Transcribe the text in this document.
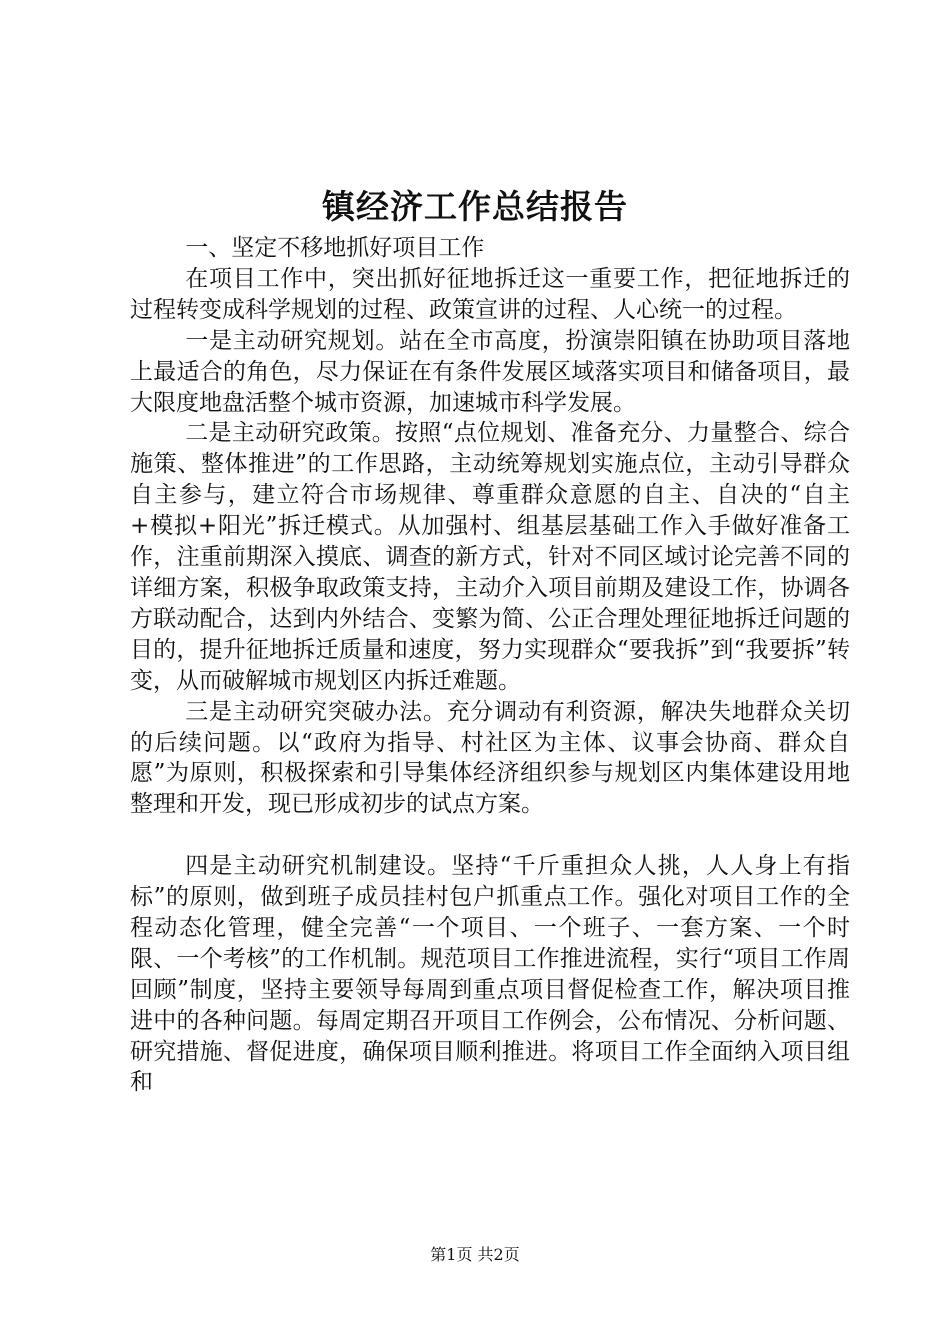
镇经济工作总结报告

一、坚定不移地抓好项目工作

在项目工作中，突出抓好征地拆迁这一重要工作，把征地拆迁的过程转变成科学规划的过程、政策宣讲的过程、人心统一的过程。

一是主动研究规划。站在全市高度，扮演崇阳镇在协助项目落地上最适合的角色，尽力保证在有条件发展区域落实项目和储备项目，最大限度地盘活整个城市资源，加速城市科学发展。

二是主动研究政策。按照“点位规划、准备充分、力量整合、综合施策、整体推进”的工作思路，主动统筹规划实施点位，主动引导群众自主参与，建立符合市场规律、尊重群众意愿的自主、自决的“自主+模拟+阳光”拆迁模式。从加强村、组基层基础工作入手做好准备工作，注重前期深入摸底、调查的新方式，针对不同区域讨论完善不同的详细方案，积极争取政策支持，主动介入项目前期及建设工作，协调各方联动配合，达到内外结合、变繁为简、公正合理处理征地拆迁问题的目的，提升征地拆迁质量和速度，努力实现群众“要我拆”到“我要拆”转变，从而破解城市规划区内拆迁难题。

三是主动研究突破办法。充分调动有利资源，解决失地群众关切的后续问题。以“政府为指导、村社区为主体、议事会协商、群众自愿”为原则，积极探索和引导集体经济组织参与规划区内集体建设用地整理和开发，现已形成初步的试点方案。

四是主动研究机制建设。坚持“千斤重担众人挑，人人身上有指标”的原则，做到班子成员挂村包户抓重点工作。强化对项目工作的全程动态化管理，健全完善“一个项目、一个班子、一套方案、一个时限、一个考核”的工作机制。规范项目工作推进流程，实行“项目工作周回顾”制度，坚持主要领导每周到重点项目督促检查工作，解决项目推进中的各种问题。每周定期召开项目工作例会，公布情况、分析问题、研究措施、督促进度，确保项目顺利推进。将项目工作全面纳入项目组和

第1页 共2页
